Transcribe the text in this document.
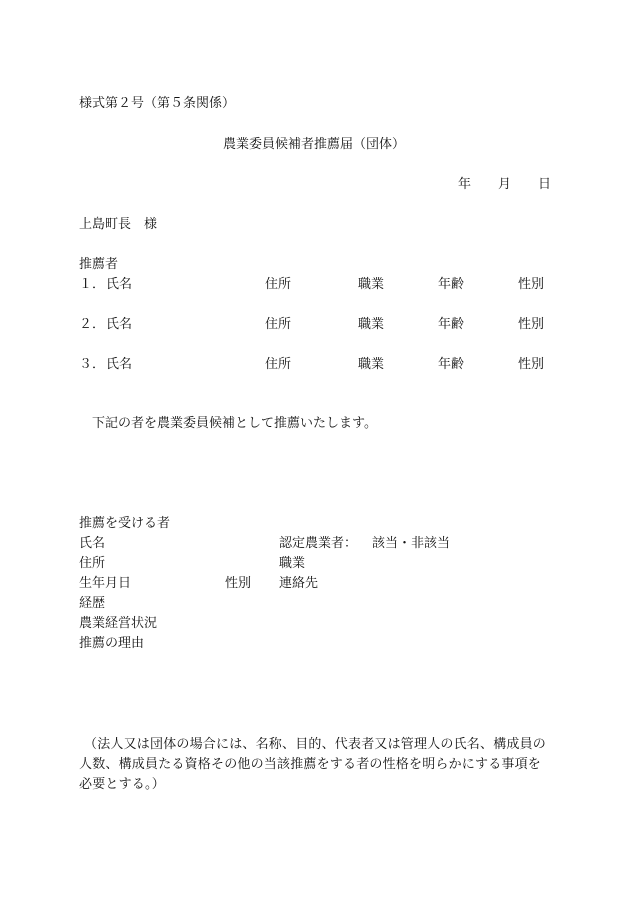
様式第２号（第５条関係）
農業委員候補者推薦届（団体）
年 月 日
上島町長　様
推薦者
１． 氏名	住所	職業	年齢	性別
２． 氏名	住所	職業	年齢	性別
３． 氏名	住所	職業	年齢	性別
下記の者を農業委員候補として推薦いたします。
推薦を受ける者
氏名	認定農業者： 該当・非該当
住所	職業
生年月日	性別 連絡先
経歴
農業経営状況
推薦の理由
（法人又は団体の場合には、名称、目的、代表者又は管理人の氏名、構成員の
人数、構成員たる資格その他の当該推薦をする者の性格を明らかにする事項を
必要とする。）
